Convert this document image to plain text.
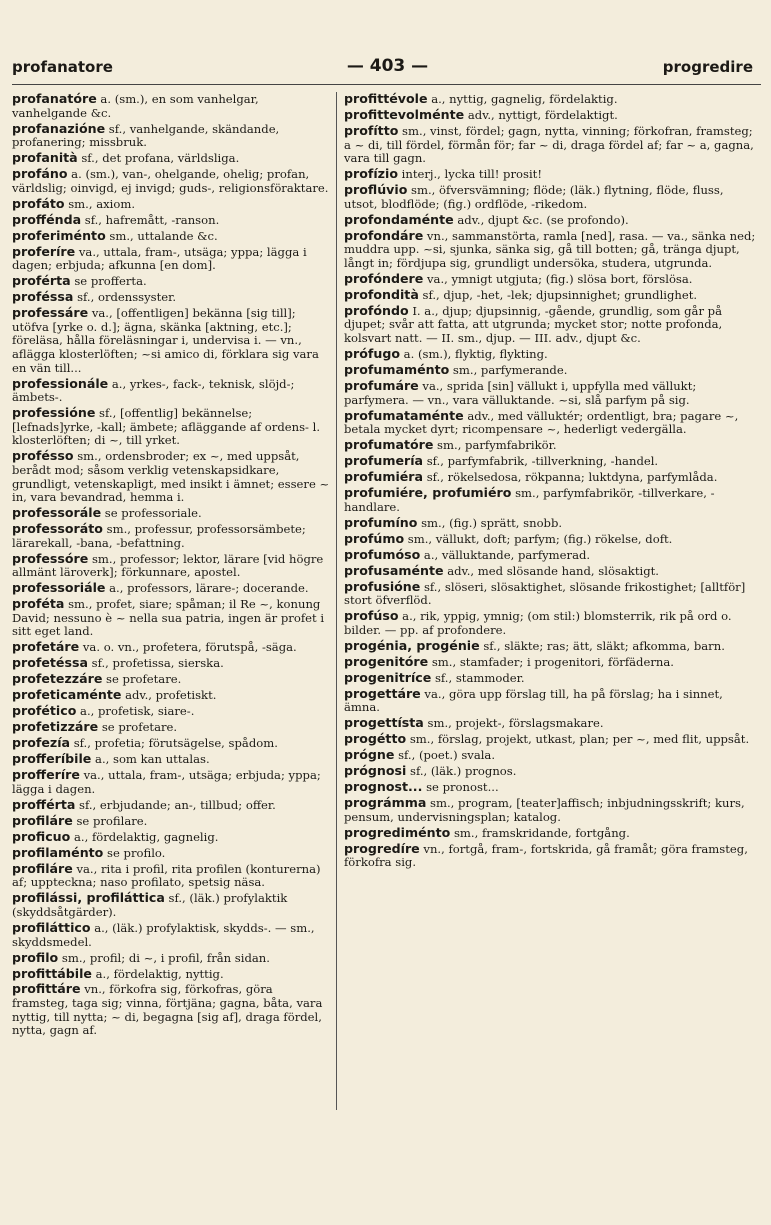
profanatore	— 403 —	progredire
profanatóre a. (sm.), en som vanhelgar, vanhelgande &c.
profanazióne sf., vanhelgande, skändande, profanering; missbruk.
profanità sf., det profana, världsliga.
profáno a. (sm.), van-, ohelgande, ohelig; profan, världslig; oinvigd, ej invigd; guds-, religionsföraktare.
profáto sm., axiom.
proffénda sf., hafremått, -ranson.
proferiménto sm., uttalande &c.
proferíre va., uttala, fram-, utsäga; yppa; lägga i dagen; erbjuda; afkunna [en dom].
proférta se profferta.
proféssa sf., ordenssyster.
professáre va., [offentligen] bekänna [sig till]; utöfva [yrke o. d.]; ägna, skänka [aktning, etc.]; föreläsa, hålla föreläsningar i, undervisa i. — vn., aflägga klosterlöften; ~si amico di, förklara sig vara en vän till...
professionále a., yrkes-, fack-, teknisk, slöjd-; ämbets-.
professióne sf., [offentlig] bekännelse; [lefnads]yrke, -kall; ämbete; afläggande af ordens- l. klosterlöften; di ~, till yrket.
proféssо sm., ordensbroder; ex ~, med uppsåt, berådt mod; såsom verklig vetenskapsidkare, grundligt, vetenskapligt, med insikt i ämnet; essere ~ in, vara bevandrad, hemma i.
professorále se professoriale.
professoráto sm., professur, professorsämbete; lärarekall, -bana, -befattning.
professóre sm., professor; lektor, lärare [vid högre allmänt läroverk]; förkunnare, apostel.
professoriále a., professors, lärare-; docerande.
proféta sm., profet, siare; spåman; il Re ~, konung David; nessuno è ~ nella sua patria, ingen är profet i sitt eget land.
profetáre va. o. vn., profetera, förutspå, -säga.
profetéssa sf., profetissa, sierska.
profetezzáre se profetare.
profeticaménte adv., profetiskt.
profético a., profetisk, siare-.
profetizzáre se profetare.
profezía sf., profetia; förutsägelse, spådom.
profferíbile a., som kan uttalas.
profferíre va., uttala, fram-, utsäga; erbjuda; yppa; lägga i dagen.
profférta sf., erbjudande; an-, tillbud; offer.
profiláre se profilare.
proficuo a., fördelaktig, gagnelig.
profilaménto se profilo.
profiláre va., rita i profil, rita profilen (konturerna) af; uppteckna; naso profilato, spetsig näsa.
profilássi, profiláttica sf., (läk.) profylaktik (skyddsåtgärder).
profiláttico a., (läk.) profylaktisk, skydds-. — sm., skyddsmedel.
profilo sm., profil; di ~, i profil, från sidan.
profittábile a., fördelaktig, nyttig.
profittáre vn., förkofra sig, förkofras, göra framsteg, taga sig; vinna, förtjäna; gagna, båta, vara nyttig, till nytta; ~ di, begagna [sig af], draga fördel, nytta, gagn af.
profittévole a., nyttig, gagnelig, fördelaktig.
profittevolménte adv., nyttigt, fördelaktigt.
profítto sm., vinst, fördel; gagn, nytta, vinning; förkofran, framsteg; a ~ di, till fördel, förmån för; far ~ di, draga fördel af; far ~ a, gagna, vara till gagn.
profízio interj., lycka till! prosit!
proflúvio sm., öfversvämning; flöde; (läk.) flytning, flöde, fluss, utsot, blodflöde; (fig.) ordflöde, -rikedom.
profondaménte adv., djupt &c. (se profondo).
profondáre vn., sammanstörta, ramla [ned], rasa. — va., sänka ned; muddra upp. ~si, sjunka, sänka sig, gå till botten; gå, tränga djupt, långt in; fördjupa sig, grundligt undersöka, studera, utgrunda.
profóndere va., ymnigt utgjuta; (fig.) slösa bort, förslösa.
profondità sf., djup, -het, -lek; djupsinnighet; grundlighet.
profóndo I. a., djup; djupsinnig, -gående, grundlig, som går på djupet; svår att fatta, att utgrunda; mycket stor; notte profonda, kolsvart natt. — II. sm., djup. — III. adv., djupt &c.
prófugo a. (sm.), flyktig, flykting.
profumaménto sm., parfymerande.
profumáre va., sprida [sin] vällukt i, uppfylla med vällukt; parfymera. — vn., vara välluktande. ~si, slå parfym på sig.
profumataménte adv., med välluktér; ordentligt, bra; pagare ~, betala mycket dyrt; ricompensare ~, hederligt vedergälla.
profumatóre sm., parfymfabrikör.
profumería sf., parfymfabrik, -tillverkning, -handel.
profumiéra sf., rökelsedosa, rökpanna; luktdyna, parfymlåda.
profumiére, profumiéro sm., parfymfabrikör, -tillverkare, -handlare.
profumíno sm., (fig.) sprätt, snobb.
profúmo sm., vällukt, doft; parfym; (fig.) rökelse, doft.
profumóso a., välluktande, parfymerad.
profusaménte adv., med slösande hand, slösaktigt.
profusióne sf., slöseri, slösaktighet, slösande frikostighet; [alltför] stort öfverflöd.
profúso a., rik, yppig, ymnig; (om stil:) blomsterrik, rik på ord o. bilder. — pp. af profondere.
progénia, progénie sf., släkte; ras; ätt, släkt; afkomma, barn.
progenitóre sm., stamfader; i progenitori, förfäderna.
progenitríce sf., stammoder.
progettáre va., göra upp förslag till, ha på förslag; ha i sinnet, ämna.
progettísta sm., projekt-, förslagsmakare.
progétto sm., förslag, projekt, utkast, plan; per ~, med flit, uppsåt.
prógne sf., (poet.) svala.
prógnosi sf., (läk.) prognos.
prognost... se pronost...
prográmma sm., program, [teater]affisch; inbjudningsskrift; kurs, pensum, undervisningsplan; katalog.
progrediménto sm., framskridande, fortgång.
progredíre vn., fortgå, fram-, fortskrida, gå framåt; göra framsteg, förkofra sig.
